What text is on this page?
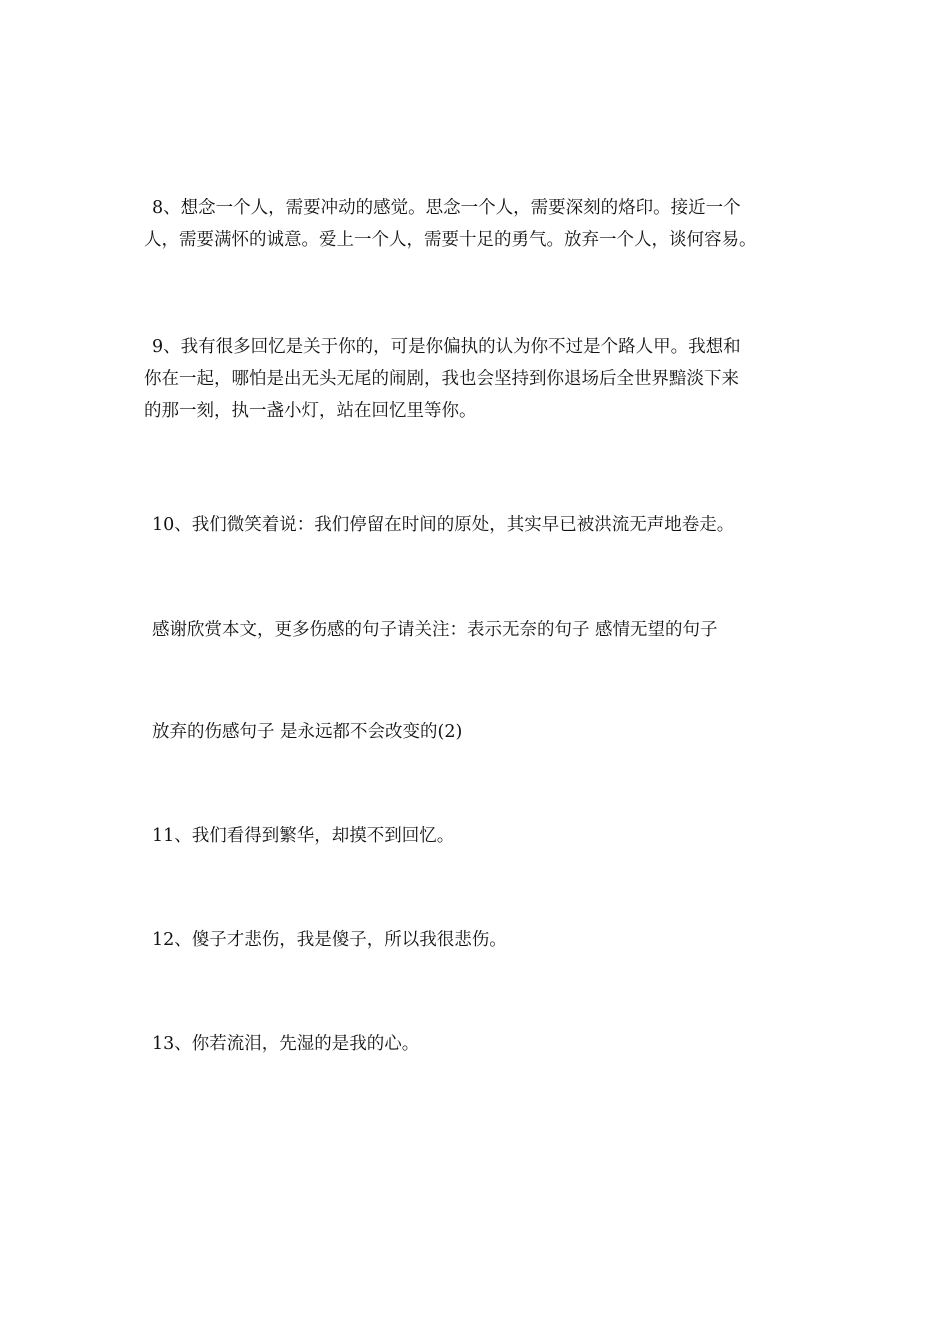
8、想念一个人，需要冲动的感觉。思念一个人，需要深刻的烙印。接近一个
人，需要满怀的诚意。爱上一个人，需要十足的勇气。放弃一个人，谈何容易。
9、我有很多回忆是关于你的，可是你偏执的认为你不过是个路人甲。我想和
你在一起，哪怕是出无头无尾的闹剧，我也会坚持到你退场后全世界黯淡下来
的那一刻，执一盏小灯，站在回忆里等你。
10、我们微笑着说：我们停留在时间的原处，其实早已被洪流无声地卷走。
感谢欣赏本文，更多伤感的句子请关注：表示无奈的句子 感情无望的句子
放弃的伤感句子 是永远都不会改变的(2)
11、我们看得到繁华，却摸不到回忆。
12、傻子才悲伤，我是傻子，所以我很悲伤。
13、你若流泪，先湿的是我的心。
